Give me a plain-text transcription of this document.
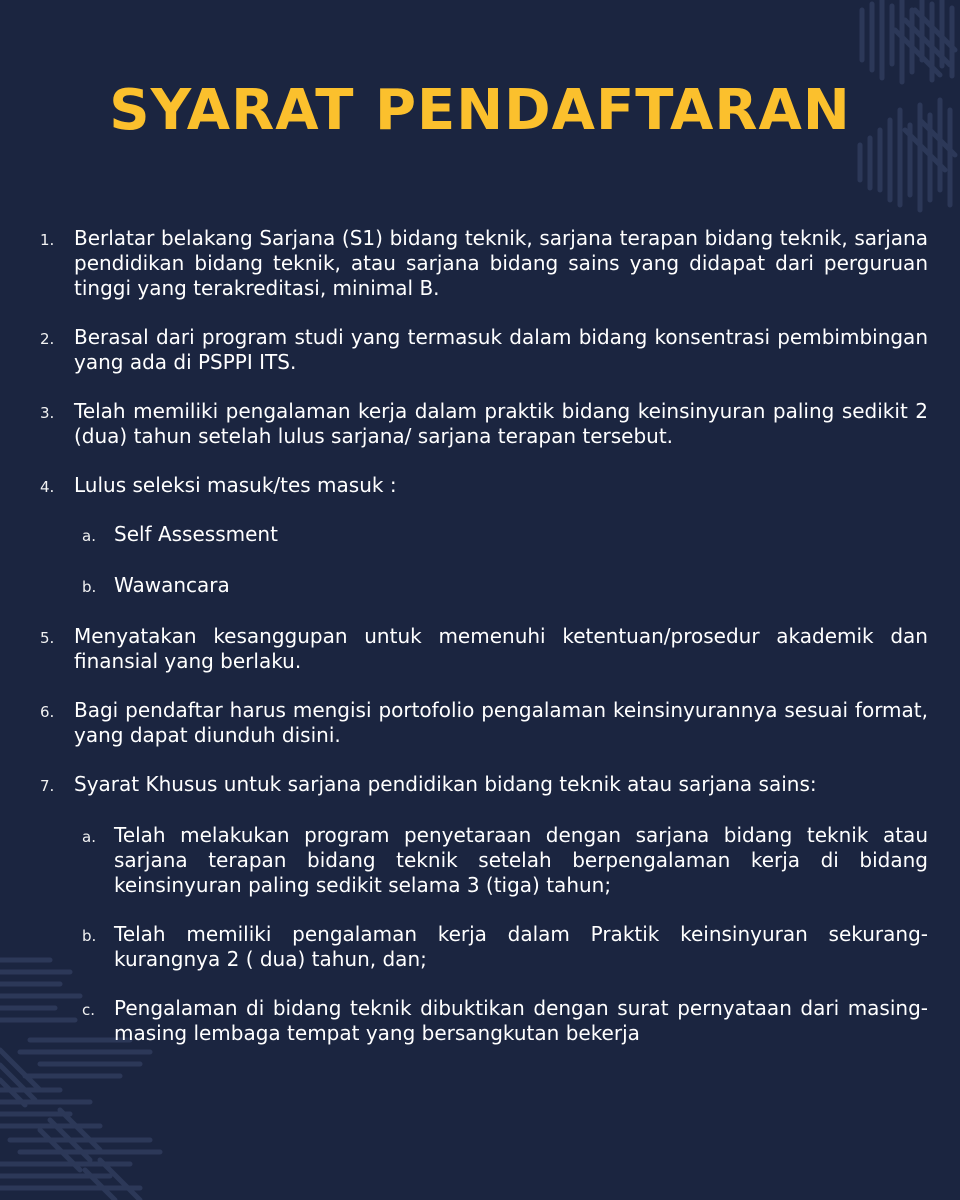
SYARAT PENDAFTARAN
1. Berlatar belakang Sarjana (S1) bidang teknik, sarjana terapan bidang teknik, sarjana pendidikan bidang teknik, atau sarjana bidang sains yang didapat dari perguruan tinggi yang terakreditasi, minimal B.
2. Berasal dari program studi yang termasuk dalam bidang konsentrasi pembimbingan yang ada di PSPPI ITS.
3. Telah memiliki pengalaman kerja dalam praktik bidang keinsinyuran paling sedikit 2 (dua) tahun setelah lulus sarjana/ sarjana terapan tersebut.
4. Lulus seleksi masuk/tes masuk :
a. Self Assessment
b. Wawancara
5. Menyatakan kesanggupan untuk memenuhi ketentuan/prosedur akademik dan finansial yang berlaku.
6. Bagi pendaftar harus mengisi portofolio pengalaman keinsinyurannya sesuai format, yang dapat diunduh disini.
7. Syarat Khusus untuk sarjana pendidikan bidang teknik atau sarjana sains:
a. Telah melakukan program penyetaraan dengan sarjana bidang teknik atau sarjana terapan bidang teknik setelah berpengalaman kerja di bidang keinsinyuran paling sedikit selama 3 (tiga) tahun;
b. Telah memiliki pengalaman kerja dalam Praktik keinsinyuran sekurang-kurangnya 2 ( dua) tahun, dan;
c. Pengalaman di bidang teknik dibuktikan dengan surat pernyataan dari masing-masing lembaga tempat yang bersangkutan bekerja
